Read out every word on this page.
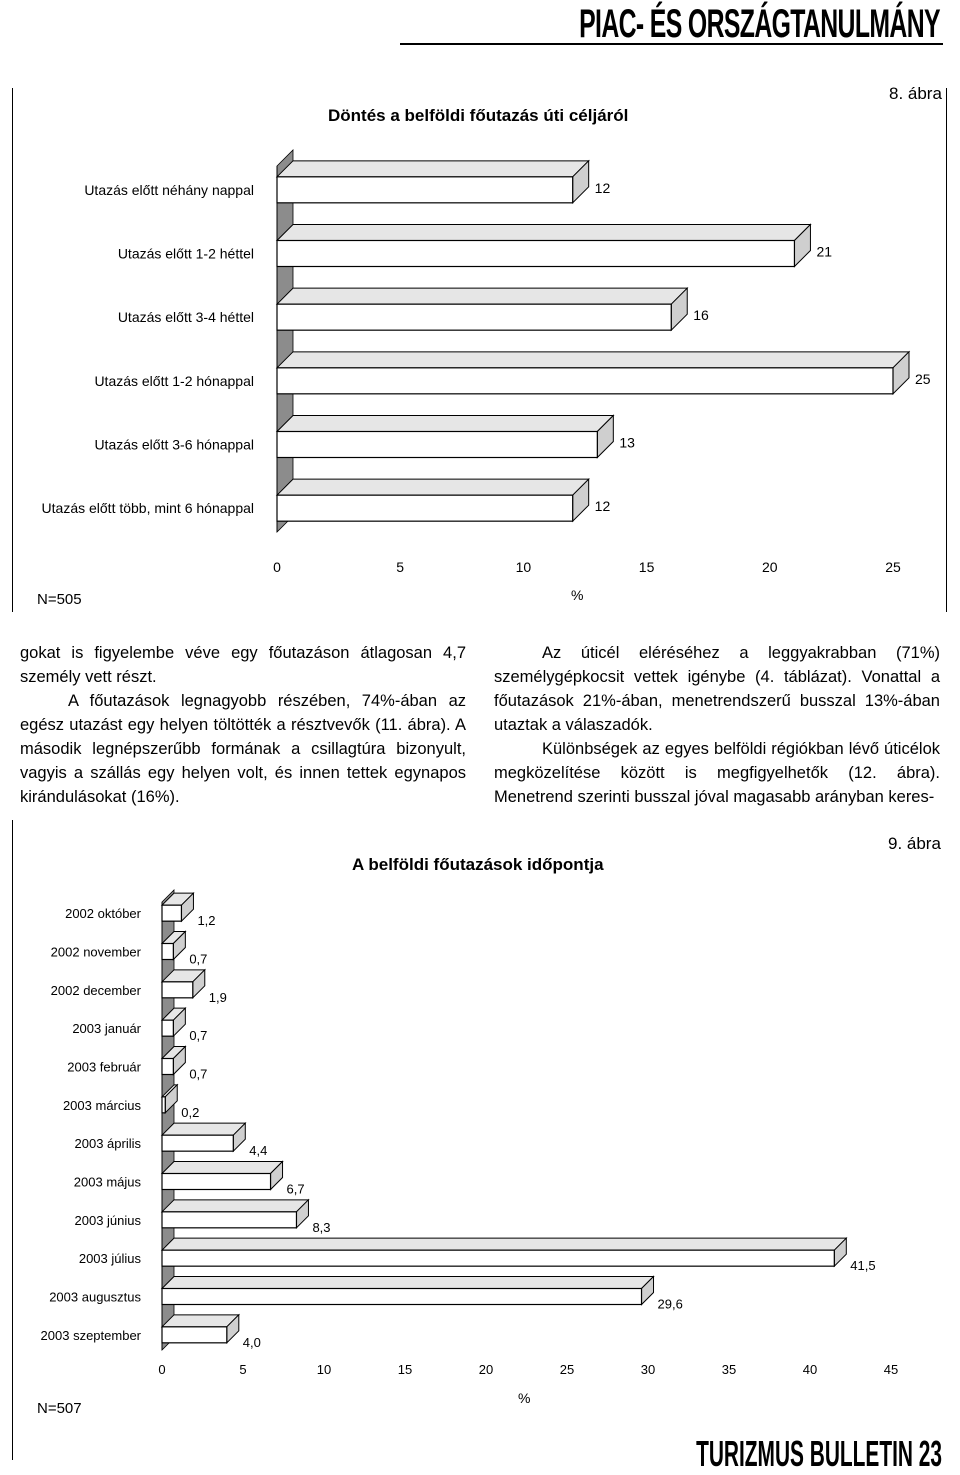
PIAC- ÉS ORSZÁGTANULMÁNY
Döntés a belföldi főutazás úti céljáról
8. ábra
12
Utazás előtt néhány nappal
21
Utazás előtt 1-2 héttel
16
Utazás előtt 3-4 héttel
25
Utazás előtt 1-2 hónappal
13
Utazás előtt 3-6 hónappal
12
Utazás előtt több, mint 6 hónappal
0	5	10	15	20	25
N=505	%

gokat is figyelembe véve egy főutazáson átlagosan 4,7 személy vett részt.

A főutazások legnagyobb részében, 74%-ában az egész utazást egy helyen töltötték a résztvevők (11. ábra). A második legnépszerűbb formának a csillagtúra bizonyult, vagyis a szállás egy helyen volt, és innen tettek egynapos kirándulásokat (16%).

Az úticél eléréséhez a leggyakrabban (71%) személygépkocsit vettek igénybe (4. táblázat). Vonattal a főutazások 21%-ában, menetrendszerű busszal 13%-ában utaztak a válaszadók.

Különbségek az egyes belföldi régiókban lévő úticélok megközelítése között is megfigyelhetők (12. ábra). Menetrend szerinti busszal jóval magasabb arányban keres-

A belföldi főutazások időpontja
9. ábra
1,2
2002 október
0,7
2002 november
1,9
2002 december
0,7
2003 január
0,7
2003 február
0,2
2003 március
4,4
2003 április
6,7
2003 május
8,3
2003 június
41,5
2003 július
29,6
2003 augusztus
4,0
2003 szeptember
0	5	10	15	20	25	30	35	40	45
N=507
%
TURIZMUS BULLETIN 23
